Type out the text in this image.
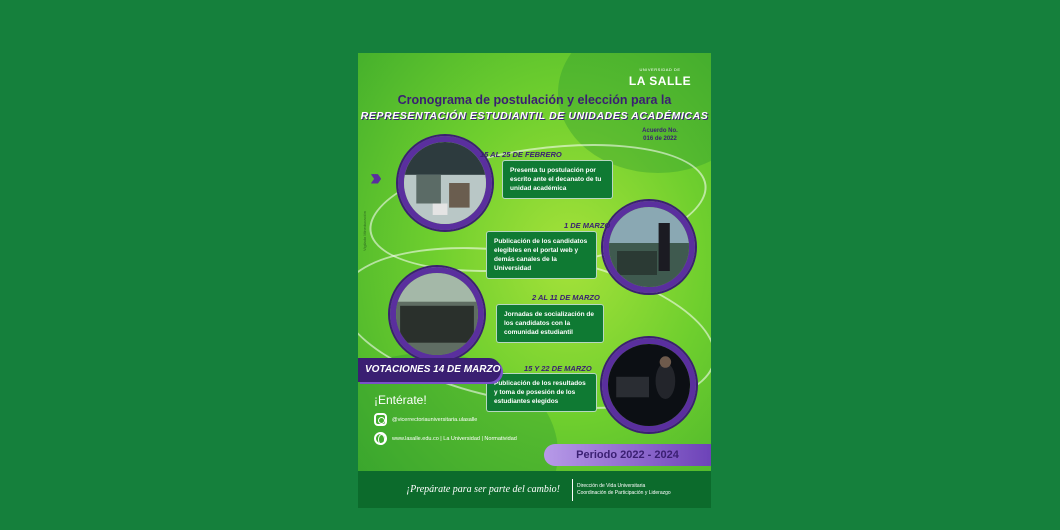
UNIVERSIDAD DE
LA SALLE
Cronograma de postulación y elección para la
REPRESENTACIÓN ESTUDIANTIL DE UNIDADES ACADÉMICAS
Acuerdo No.
016 de 2022
›››
Vigilada Mineducación
15 AL 25 DE FEBRERO
Presenta tu postulación por escrito ante el decanato de tu unidad académica
1 DE MARZO
Publicación de los candidatos elegibles en el portal web y demás canales de la Universidad
2 AL 11 DE MARZO
Jornadas de socialización de los candidatos con la comunidad estudiantil
15 Y 22 DE MARZO
Publicación de los resultados y toma de posesión de los estudiantes elegidos
VOTACIONES 14 DE MARZO
¡Entérate!
@vicerrectoriauniversitaria.ulasalle
www.lasalle.edu.co | La Universidad | Normatividad
Periodo 2022 - 2024
¡Prepárate para ser parte del cambio!	Dirección de Vida Universitaria
Coordinación de Participación y Liderazgo
